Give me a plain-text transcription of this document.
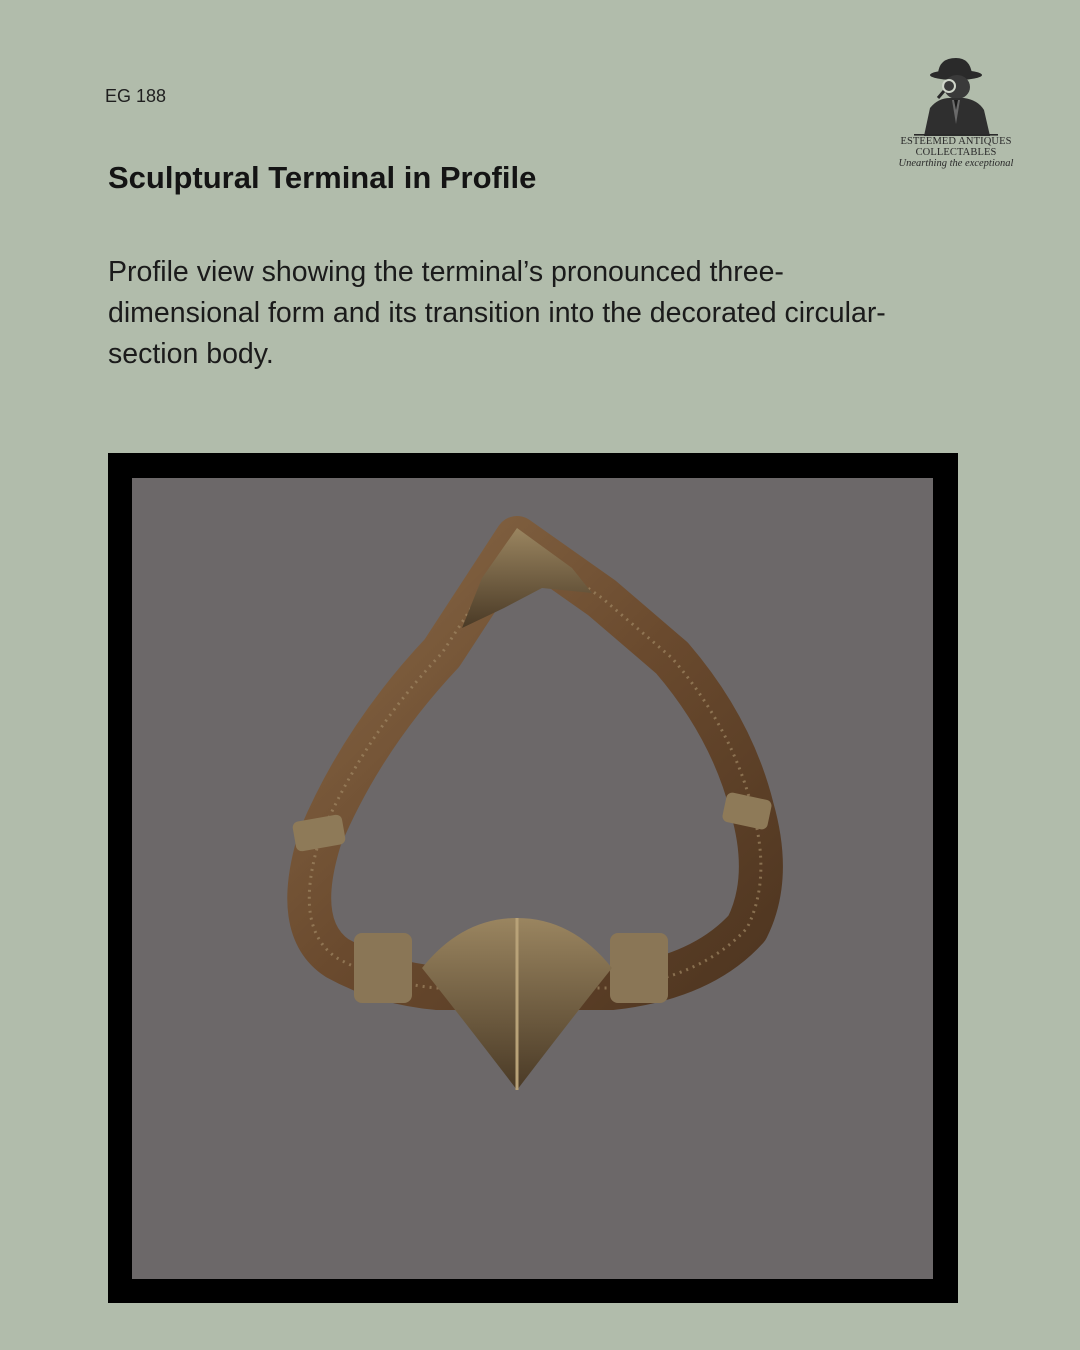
EG 188
Sculptural Terminal in Profile

Profile view showing the terminal’s pronounced three-dimensional form and its transition into the decorated circular-section body.

ESTEEMED ANTIQUES
COLLECTABLES
Unearthing the exceptional
